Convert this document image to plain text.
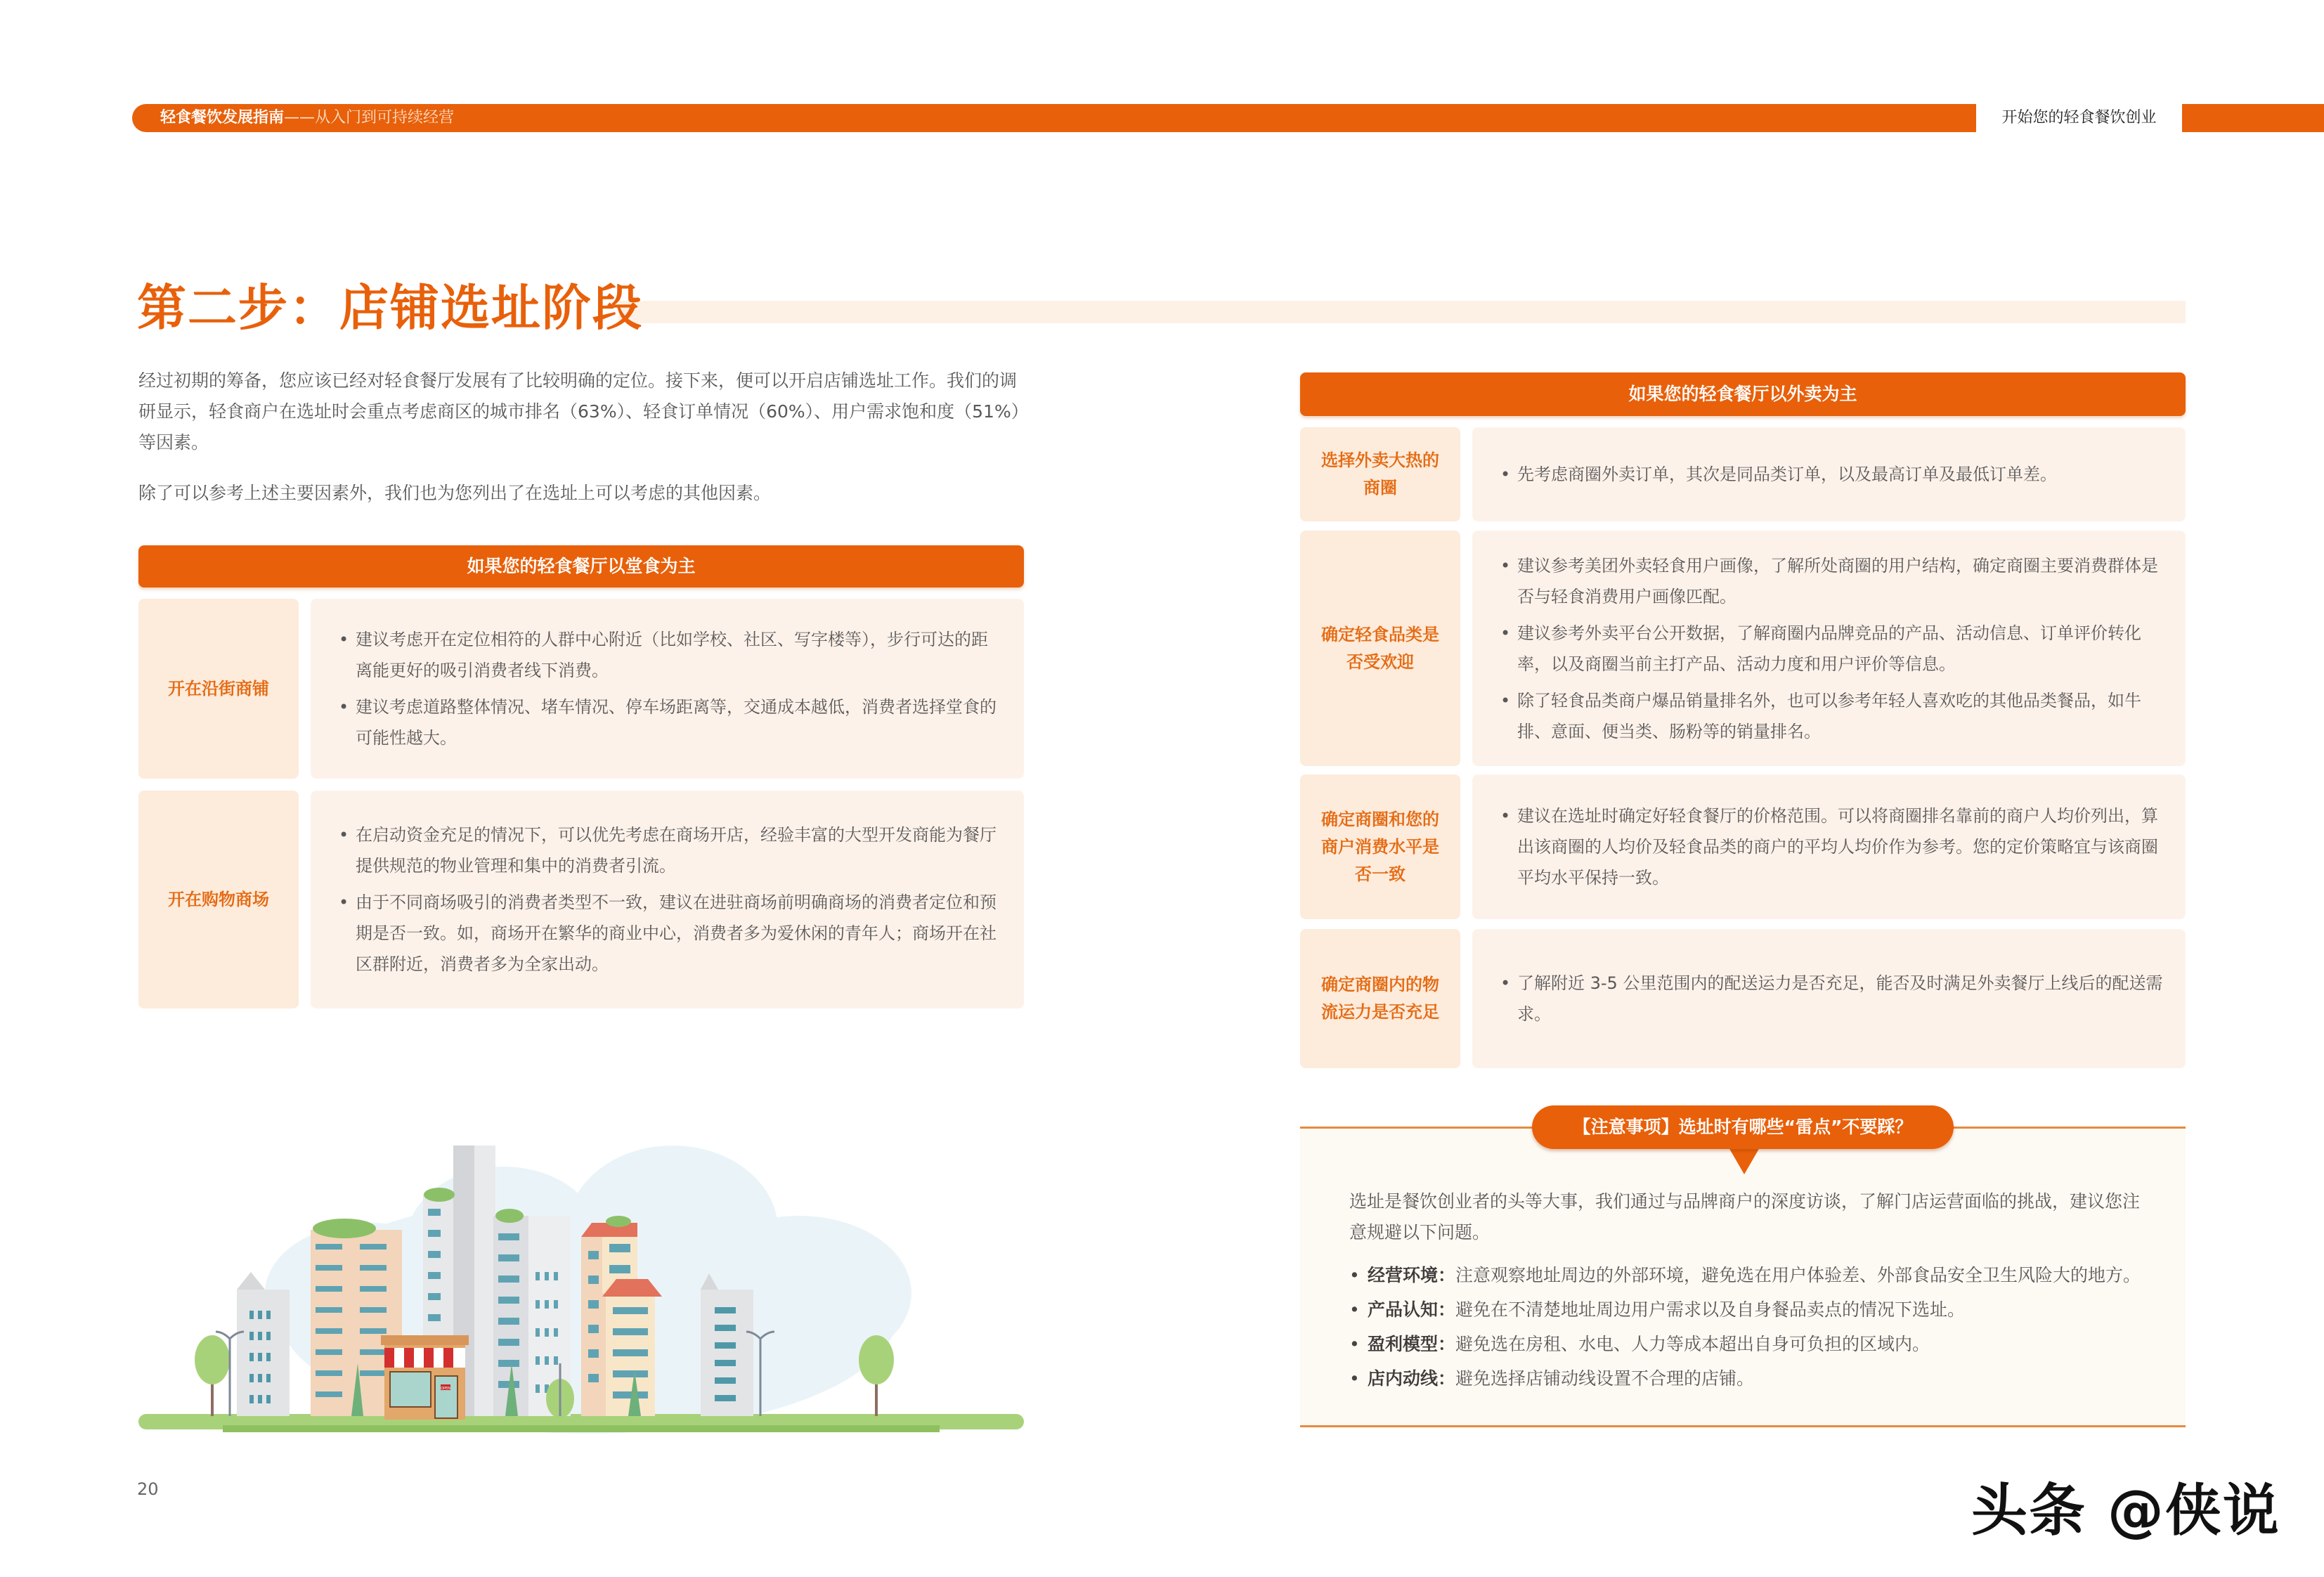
轻食餐饮发展指南——从入门到可持续经营	开始您的轻食餐饮创业
第二步：店铺选址阶段
经过初期的筹备，您应该已经对轻食餐厅发展有了比较明确的定位。接下来，便可以开启店铺选址工作。我们的调研显示，轻食商户在选址时会重点考虑商区的城市排名（63%）、轻食订单情况（60%）、用户需求饱和度（51%）等因素。
除了可以参考上述主要因素外，我们也为您列出了在选址上可以考虑的其他因素。
如果您的轻食餐厅以堂食为主
开在沿街商铺
• 建议考虑开在定位相符的人群中心附近（比如学校、社区、写字楼等），步行可达的距离能更好的吸引消费者线下消费。
• 建议考虑道路整体情况、堵车情况、停车场距离等，交通成本越低，消费者选择堂食的可能性越大。
开在购物商场
• 在启动资金充足的情况下，可以优先考虑在商场开店，经验丰富的大型开发商能为餐厅提供规范的物业管理和集中的消费者引流。
• 由于不同商场吸引的消费者类型不一致，建议在进驻商场前明确商场的消费者定位和预期是否一致。如，商场开在繁华的商业中心，消费者多为爱休闲的青年人；商场开在社区群附近，消费者多为全家出动。
OPEN
如果您的轻食餐厅以外卖为主
选择外卖大热的商圈
• 先考虑商圈外卖订单，其次是同品类订单，以及最高订单及最低订单差。
确定轻食品类是否受欢迎
• 建议参考美团外卖轻食用户画像，了解所处商圈的用户结构，确定商圈主要消费群体是否与轻食消费用户画像匹配。
• 建议参考外卖平台公开数据，了解商圈内品牌竞品的产品、活动信息、订单评价转化率，以及商圈当前主打产品、活动力度和用户评价等信息。
• 除了轻食品类商户爆品销量排名外，也可以参考年轻人喜欢吃的其他品类餐品，如牛排、意面、便当类、肠粉等的销量排名。
确定商圈和您的商户消费水平是否一致
• 建议在选址时确定好轻食餐厅的价格范围。可以将商圈排名靠前的商户人均价列出，算出该商圈的人均价及轻食品类的商户的平均人均价作为参考。您的定价策略宜与该商圈平均水平保持一致。
确定商圈内的物流运力是否充足
• 了解附近 3-5 公里范围内的配送运力是否充足，能否及时满足外卖餐厅上线后的配送需求。
【注意事项】选址时有哪些“雷点”不要踩？
选址是餐饮创业者的头等大事，我们通过与品牌商户的深度访谈，了解门店运营面临的挑战，建议您注意规避以下问题。
• 经营环境：注意观察地址周边的外部环境，避免选在用户体验差、外部食品安全卫生风险大的地方。
• 产品认知：避免在不清楚地址周边用户需求以及自身餐品卖点的情况下选址。
• 盈利模型：避免选在房租、水电、人力等成本超出自身可负担的区域内。
• 店内动线：避免选择店铺动线设置不合理的店铺。
20	头条 @侠说
